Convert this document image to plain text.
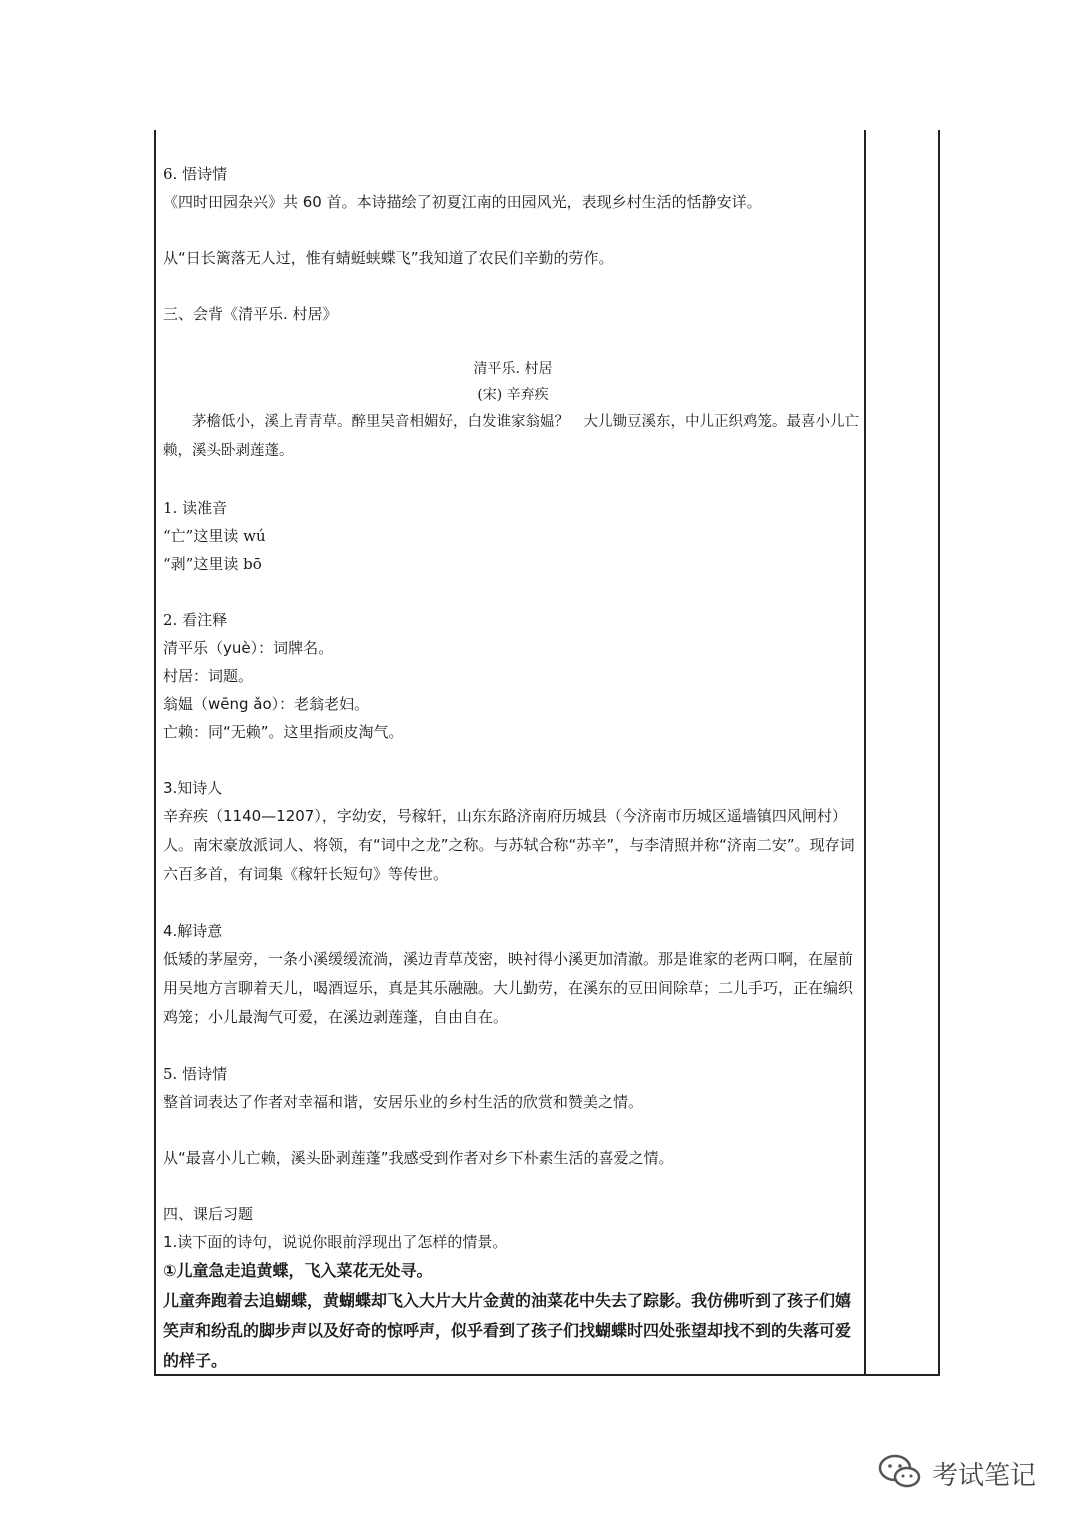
6. 悟诗情
《四时田园杂兴》共 60 首。本诗描绘了初夏江南的田园风光，表现乡村生活的恬静安详。
从“日长篱落无人过，惟有蜻蜓蛱蝶飞”我知道了农民们辛勤的劳作。
三、会背《清平乐. 村居》
清平乐. 村居
(宋) 辛弃疾
茅檐低小，溪上青青草。醉里吴音相媚好，白发谁家翁媪？　大儿锄豆溪东，中儿正织鸡笼。最喜小儿亡赖，溪头卧剥莲蓬。
1. 读准音
“亡”这里读 wú
“剥”这里读 bō
2. 看注释
清平乐（yuè）：词牌名。
村居：词题。
翁媪（wēng ǎo）：老翁老妇。
亡赖：同“无赖”。这里指顽皮淘气。
3.知诗人
辛弃疾（1140—1207），字幼安，号稼轩，山东东路济南府历城县（今济南市历城区遥墙镇四风闸村）人。南宋豪放派词人、将领，有“词中之龙”之称。与苏轼合称“苏辛”，与李清照并称“济南二安”。现存词六百多首，有词集《稼轩长短句》等传世。
4.解诗意
低矮的茅屋旁，一条小溪缓缓流淌，溪边青草茂密，映衬得小溪更加清澈。那是谁家的老两口啊，在屋前用吴地方言聊着天儿，喝酒逗乐，真是其乐融融。大儿勤劳，在溪东的豆田间除草；二儿手巧，正在编织鸡笼；小儿最淘气可爱，在溪边剥莲蓬，自由自在。
5. 悟诗情
整首词表达了作者对幸福和谐，安居乐业的乡村生活的欣赏和赞美之情。
从“最喜小儿亡赖，溪头卧剥莲蓬”我感受到作者对乡下朴素生活的喜爱之情。
四、课后习题
1.读下面的诗句，说说你眼前浮现出了怎样的情景。
①儿童急走追黄蝶，飞入菜花无处寻。
儿童奔跑着去追蝴蝶，黄蝴蝶却飞入大片大片金黄的油菜花中失去了踪影。我仿佛听到了孩子们嬉笑声和纷乱的脚步声以及好奇的惊呼声，似乎看到了孩子们找蝴蝶时四处张望却找不到的失落可爱的样子。
考试笔记
